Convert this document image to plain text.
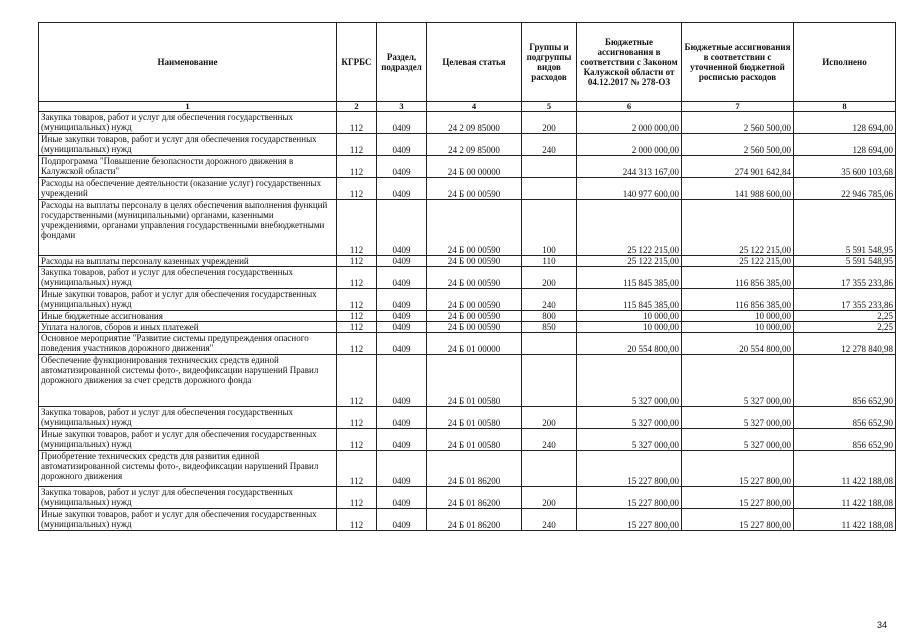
Наименование	КГРБС	Раздел, подраздел	Целевая статья	Группы и подгруппы видов расходов	Бюджетные ассигнования в соответствии с Законом Калужской области от 04.12.2017 № 278-ОЗ	Бюджетные ассигнования в соответствии с уточненной бюджетной росписью расходов	Исполнено
1	2	3	4	5	6	7	8
Закупка товаров, работ и услуг для обеспечения государственных (муниципальных) нужд	112	0409	24 2 09 85000	200	2 000 000,00	2 560 500,00	128 694,00
Иные закупки товаров, работ и услуг для обеспечения государственных (муниципальных) нужд	112	0409	24 2 09 85000	240	2 000 000,00	2 560 500,00	128 694,00
Подпрограмма "Повышение безопасности дорожного движения в Калужской области"	112	0409	24 Б 00 00000		244 313 167,00	274 901 642,84	35 600 103,68
Расходы на обеспечение деятельности (оказание услуг) государственных учреждений	112	0409	24 Б 00 00590		140 977 600,00	141 988 600,00	22 946 785,06
Расходы на выплаты персоналу в целях обеспечения выполнения функций государственными (муниципальными) органами, казенными учреждениями, органами управления государственными внебюджетными фондами	112	0409	24 Б 00 00590	100	25 122 215,00	25 122 215,00	5 591 548,95
Расходы на выплаты персоналу казенных учреждений	112	0409	24 Б 00 00590	110	25 122 215,00	25 122 215,00	5 591 548,95
Закупка товаров, работ и услуг для обеспечения государственных (муниципальных) нужд	112	0409	24 Б 00 00590	200	115 845 385,00	116 856 385,00	17 355 233,86
Иные закупки товаров, работ и услуг для обеспечения государственных (муниципальных) нужд	112	0409	24 Б 00 00590	240	115 845 385,00	116 856 385,00	17 355 233,86
Иные бюджетные ассигнования	112	0409	24 Б 00 00590	800	10 000,00	10 000,00	2,25
Уплата налогов, сборов и иных платежей	112	0409	24 Б 00 00590	850	10 000,00	10 000,00	2,25
Основное мероприятие "Развитие системы предупреждения опасного поведения участников дорожного движения"	112	0409	24 Б 01 00000		20 554 800,00	20 554 800,00	12 278 840,98
Обеспечение функционирования технических средств единой автоматизированной системы фото-, видеофиксации нарушений Правил дорожного движения за счет средств дорожного фонда	112	0409	24 Б 01 00580		5 327 000,00	5 327 000,00	856 652,90
Закупка товаров, работ и услуг для обеспечения государственных (муниципальных) нужд	112	0409	24 Б 01 00580	200	5 327 000,00	5 327 000,00	856 652,90
Иные закупки товаров, работ и услуг для обеспечения государственных (муниципальных) нужд	112	0409	24 Б 01 00580	240	5 327 000,00	5 327 000,00	856 652,90
Приобретение технических средств для развития единой автоматизированной системы фото-, видеофиксации нарушений Правил дорожного движения	112	0409	24 Б 01 86200		15 227 800,00	15 227 800,00	11 422 188,08
Закупка товаров, работ и услуг для обеспечения государственных (муниципальных) нужд	112	0409	24 Б 01 86200	200	15 227 800,00	15 227 800,00	11 422 188,08
Иные закупки товаров, работ и услуг для обеспечения государственных (муниципальных) нужд	112	0409	24 Б 01 86200	240	15 227 800,00	15 227 800,00	11 422 188,08
34
